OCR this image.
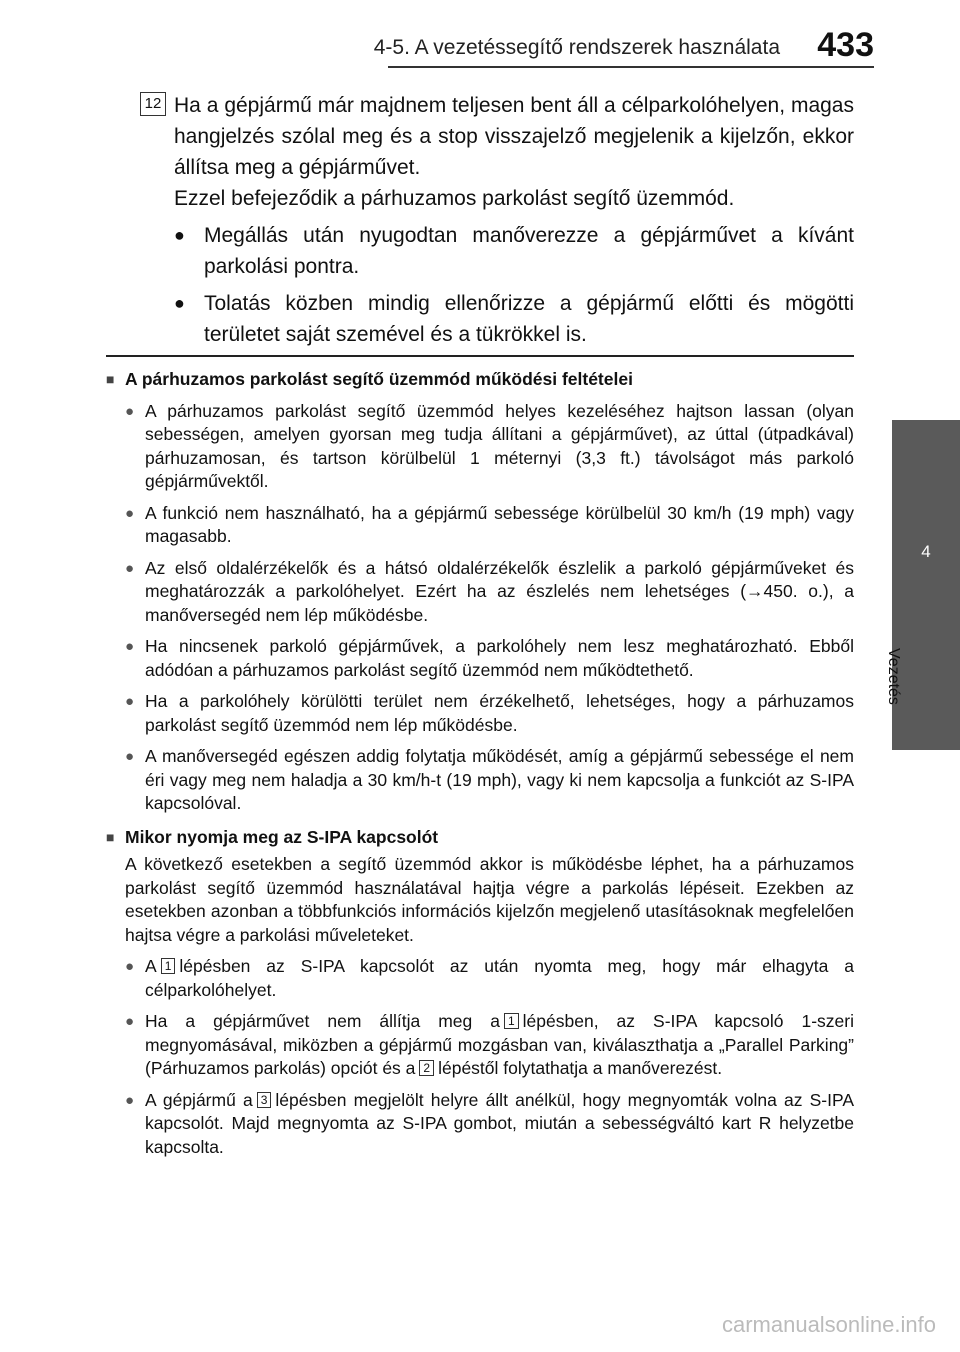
4-5. A vezetéssegítő rendszerek használata 433
4
Vezetés
12 Ha a gépjármű már majdnem teljesen bent áll a célparkolóhelyen, magas hangjelzés szólal meg és a stop visszajelző megjelenik a kijelzőn, ekkor állítsa meg a gépjárművet.

Ezzel befejeződik a párhuzamos parkolást segítő üzemmód.

● Megállás után nyugodtan manőverezze a gépjárművet a kívánt parkolási pontra.
● Tolatás közben mindig ellenőrizze a gépjármű előtti és mögötti területet saját szemével és a tükrökkel is.
■ A párhuzamos parkolást segítő üzemmód működési feltételei
● A párhuzamos parkolást segítő üzemmód helyes kezeléséhez hajtson lassan (olyan sebességen, amelyen gyorsan meg tudja állítani a gépjárművet), az úttal (útpadkával) párhuzamosan, és tartson körülbelül 1 méternyi (3,3 ft.) távolságot más parkoló gépjárművektől.
● A funkció nem használható, ha a gépjármű sebessége körülbelül 30 km/h (19 mph) vagy magasabb.
● Az első oldalérzékelők és a hátsó oldalérzékelők észlelik a parkoló gépjárműveket és meghatározzák a parkolóhelyet. Ezért ha az észlelés nem lehetséges (→450. o.), a manőversegéd nem lép működésbe.
● Ha nincsenek parkoló gépjárművek, a parkolóhely nem lesz meghatározható. Ebből adódóan a párhuzamos parkolást segítő üzemmód nem működtethető.
● Ha a parkolóhely körülötti terület nem érzékelhető, lehetséges, hogy a párhuzamos parkolást segítő üzemmód nem lép működésbe.
● A manőversegéd egészen addig folytatja működését, amíg a gépjármű sebessége el nem éri vagy meg nem haladja a 30 km/h-t (19 mph), vagy ki nem kapcsolja a funkciót az S-IPA kapcsolóval.
■ Mikor nyomja meg az S-IPA kapcsolót
A következő esetekben a segítő üzemmód akkor is működésbe léphet, ha a párhuzamos parkolást segítő üzemmód használatával hajtja végre a parkolás lépéseit. Ezekben az esetekben azonban a többfunkciós információs kijelzőn megjelenő utasításoknak megfelelően hajtsa végre a parkolási műveleteket.
● A 1 lépésben az S-IPA kapcsolót az után nyomta meg, hogy már elhagyta a célparkolóhelyet.
● Ha a gépjárművet nem állítja meg a 1 lépésben, az S-IPA kapcsoló 1-szeri megnyomásával, miközben a gépjármű mozgásban van, kiválaszthatja a „Parallel Parking” (Párhuzamos parkolás) opciót és a 2 lépéstől folytathatja a manőverezést.
● A gépjármű a 3 lépésben megjelölt helyre állt anélkül, hogy megnyomták volna az S-IPA kapcsolót. Majd megnyomta az S-IPA gombot, miután a sebességváltó kart R helyzetbe kapcsolta.
carmanualsonline.info
